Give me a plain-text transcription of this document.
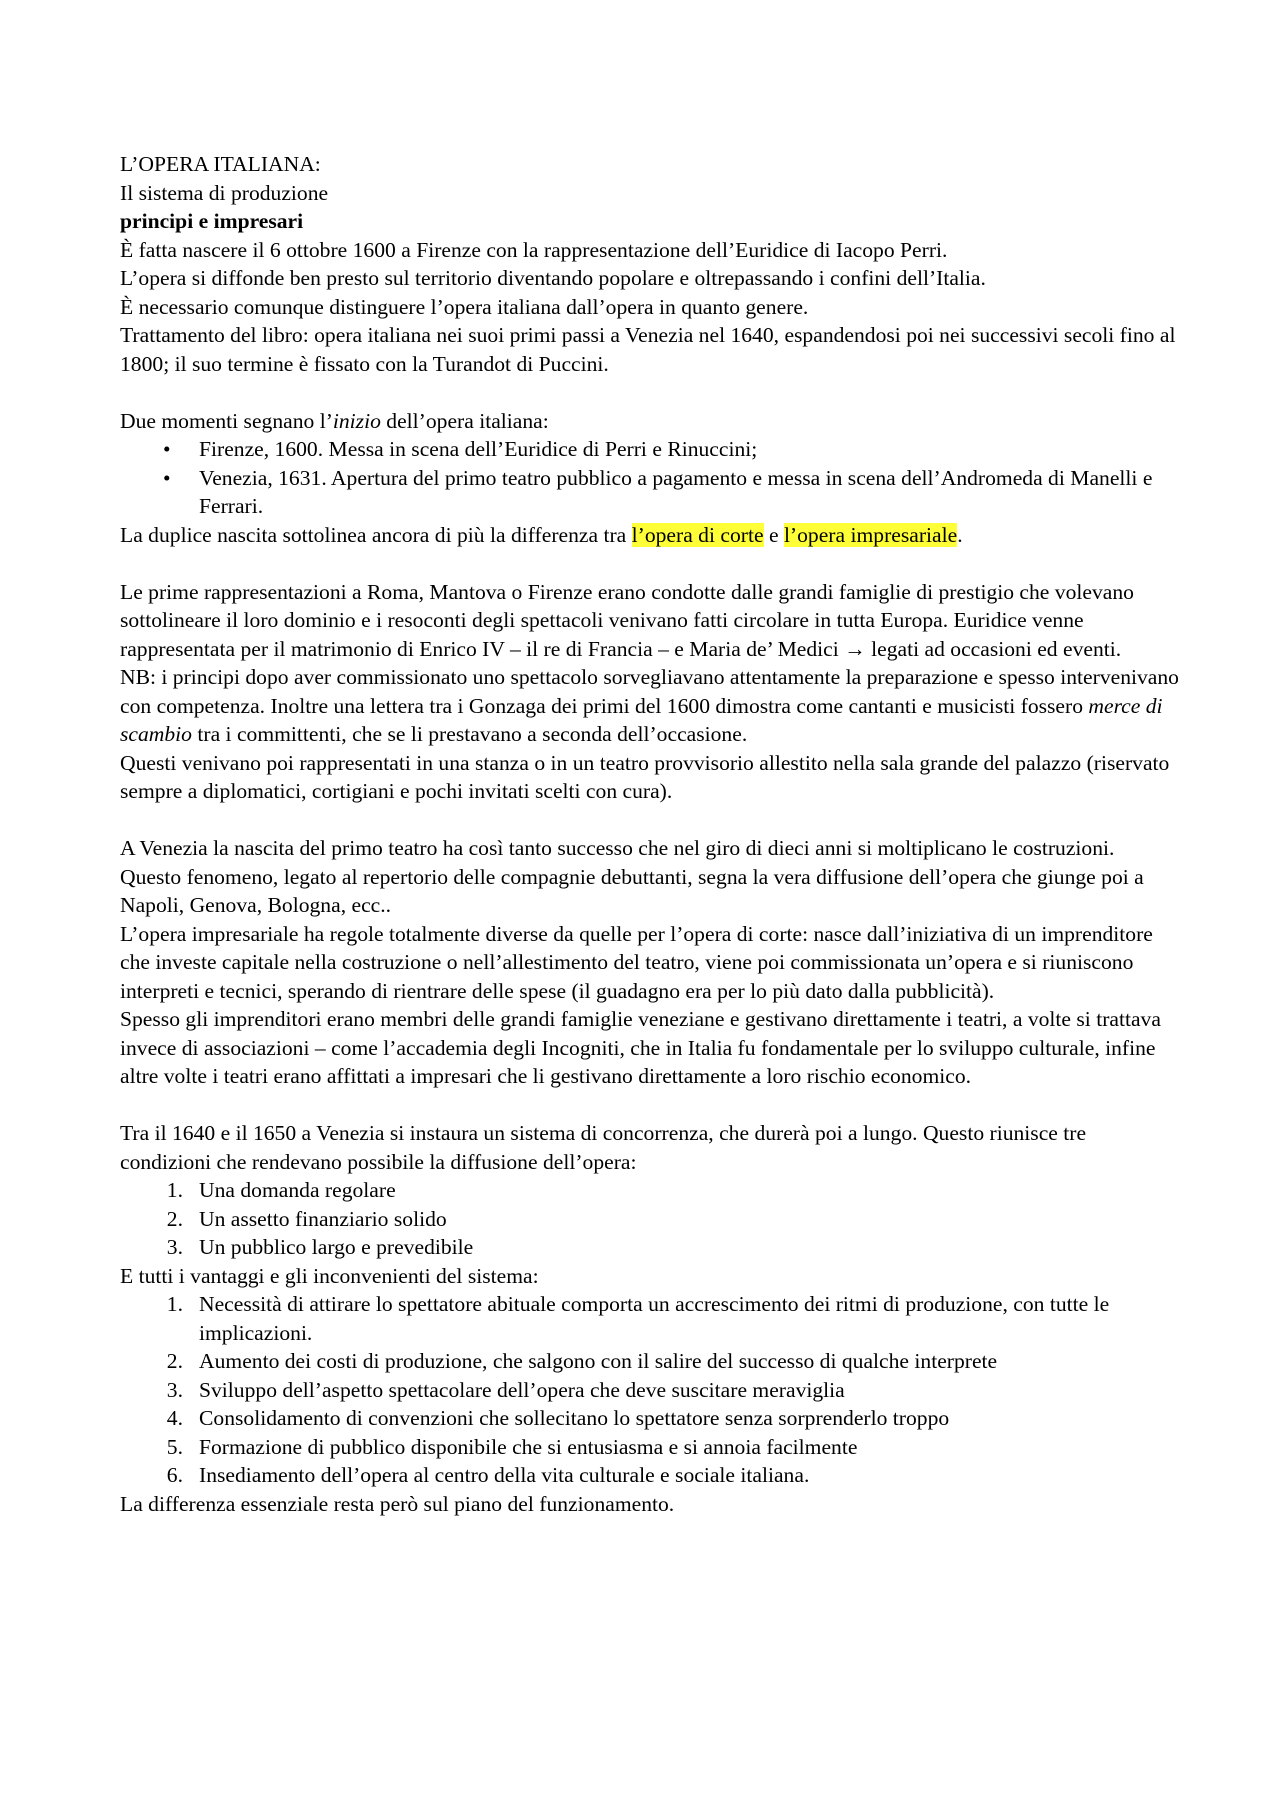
L’OPERA ITALIANA:

Il sistema di produzione

principi e impresari

È fatta nascere il 6 ottobre 1600 a Firenze con la rappresentazione dell’Euridice di Iacopo Perri.

L’opera si diffonde ben presto sul territorio diventando popolare e oltrepassando i confini dell’Italia.

È necessario comunque distinguere l’opera italiana dall’opera in quanto genere.

Trattamento del libro: opera italiana nei suoi primi passi a Venezia nel 1640, espandendosi poi nei successivi secoli fino al 1800; il suo termine è fissato con la Turandot di Puccini.

Due momenti segnano l’inizio dell’opera italiana:

•	Firenze, 1600. Messa in scena dell’Euridice di Perri e Rinuccini;
•	Venezia, 1631. Apertura del primo teatro pubblico a pagamento e messa in scena dell’Andromeda di Manelli e Ferrari.

La duplice nascita sottolinea ancora di più la differenza tra l’opera di corte e l’opera impresariale.

Le prime rappresentazioni a Roma, Mantova o Firenze erano condotte dalle grandi famiglie di prestigio che volevano sottolineare il loro dominio e i resoconti degli spettacoli venivano fatti circolare in tutta Europa. Euridice venne rappresentata per il matrimonio di Enrico IV – il re di Francia – e Maria de’ Medici → legati ad occasioni ed eventi.

NB: i principi dopo aver commissionato uno spettacolo sorvegliavano attentamente la preparazione e spesso intervenivano con competenza. Inoltre una lettera tra i Gonzaga dei primi del 1600 dimostra come cantanti e musicisti fossero merce di scambio tra i committenti, che se li prestavano a seconda dell’occasione.

Questi venivano poi rappresentati in una stanza o in un teatro provvisorio allestito nella sala grande del palazzo (riservato sempre a diplomatici, cortigiani e pochi invitati scelti con cura).

A Venezia la nascita del primo teatro ha così tanto successo che nel giro di dieci anni si moltiplicano le costruzioni. Questo fenomeno, legato al repertorio delle compagnie debuttanti, segna la vera diffusione dell’opera che giunge poi a Napoli, Genova, Bologna, ecc..

L’opera impresariale ha regole totalmente diverse da quelle per l’opera di corte: nasce dall’iniziativa di un imprenditore che investe capitale nella costruzione o nell’allestimento del teatro, viene poi commissionata un’opera e si riuniscono interpreti e tecnici, sperando di rientrare delle spese (il guadagno era per lo più dato dalla pubblicità).

Spesso gli imprenditori erano membri delle grandi famiglie veneziane e gestivano direttamente i teatri, a volte si trattava invece di associazioni – come l’accademia degli Incogniti, che in Italia fu fondamentale per lo sviluppo culturale, infine altre volte i teatri erano affittati a impresari che li gestivano direttamente a loro rischio economico.

Tra il 1640 e il 1650 a Venezia si instaura un sistema di concorrenza, che durerà poi a lungo. Questo riunisce tre condizioni che rendevano possibile la diffusione dell’opera:

1. Una domanda regolare
2. Un assetto finanziario solido
3. Un pubblico largo e prevedibile

E tutti i vantaggi e gli inconvenienti del sistema:

1. Necessità di attirare lo spettatore abituale comporta un accrescimento dei ritmi di produzione, con tutte le implicazioni.
2. Aumento dei costi di produzione, che salgono con il salire del successo di qualche interprete
3. Sviluppo dell’aspetto spettacolare dell’opera che deve suscitare meraviglia
4. Consolidamento di convenzioni che sollecitano lo spettatore senza sorprenderlo troppo
5. Formazione di pubblico disponibile che si entusiasma e si annoia facilmente
6. Insediamento dell’opera al centro della vita culturale e sociale italiana.

La differenza essenziale resta però sul piano del funzionamento.
